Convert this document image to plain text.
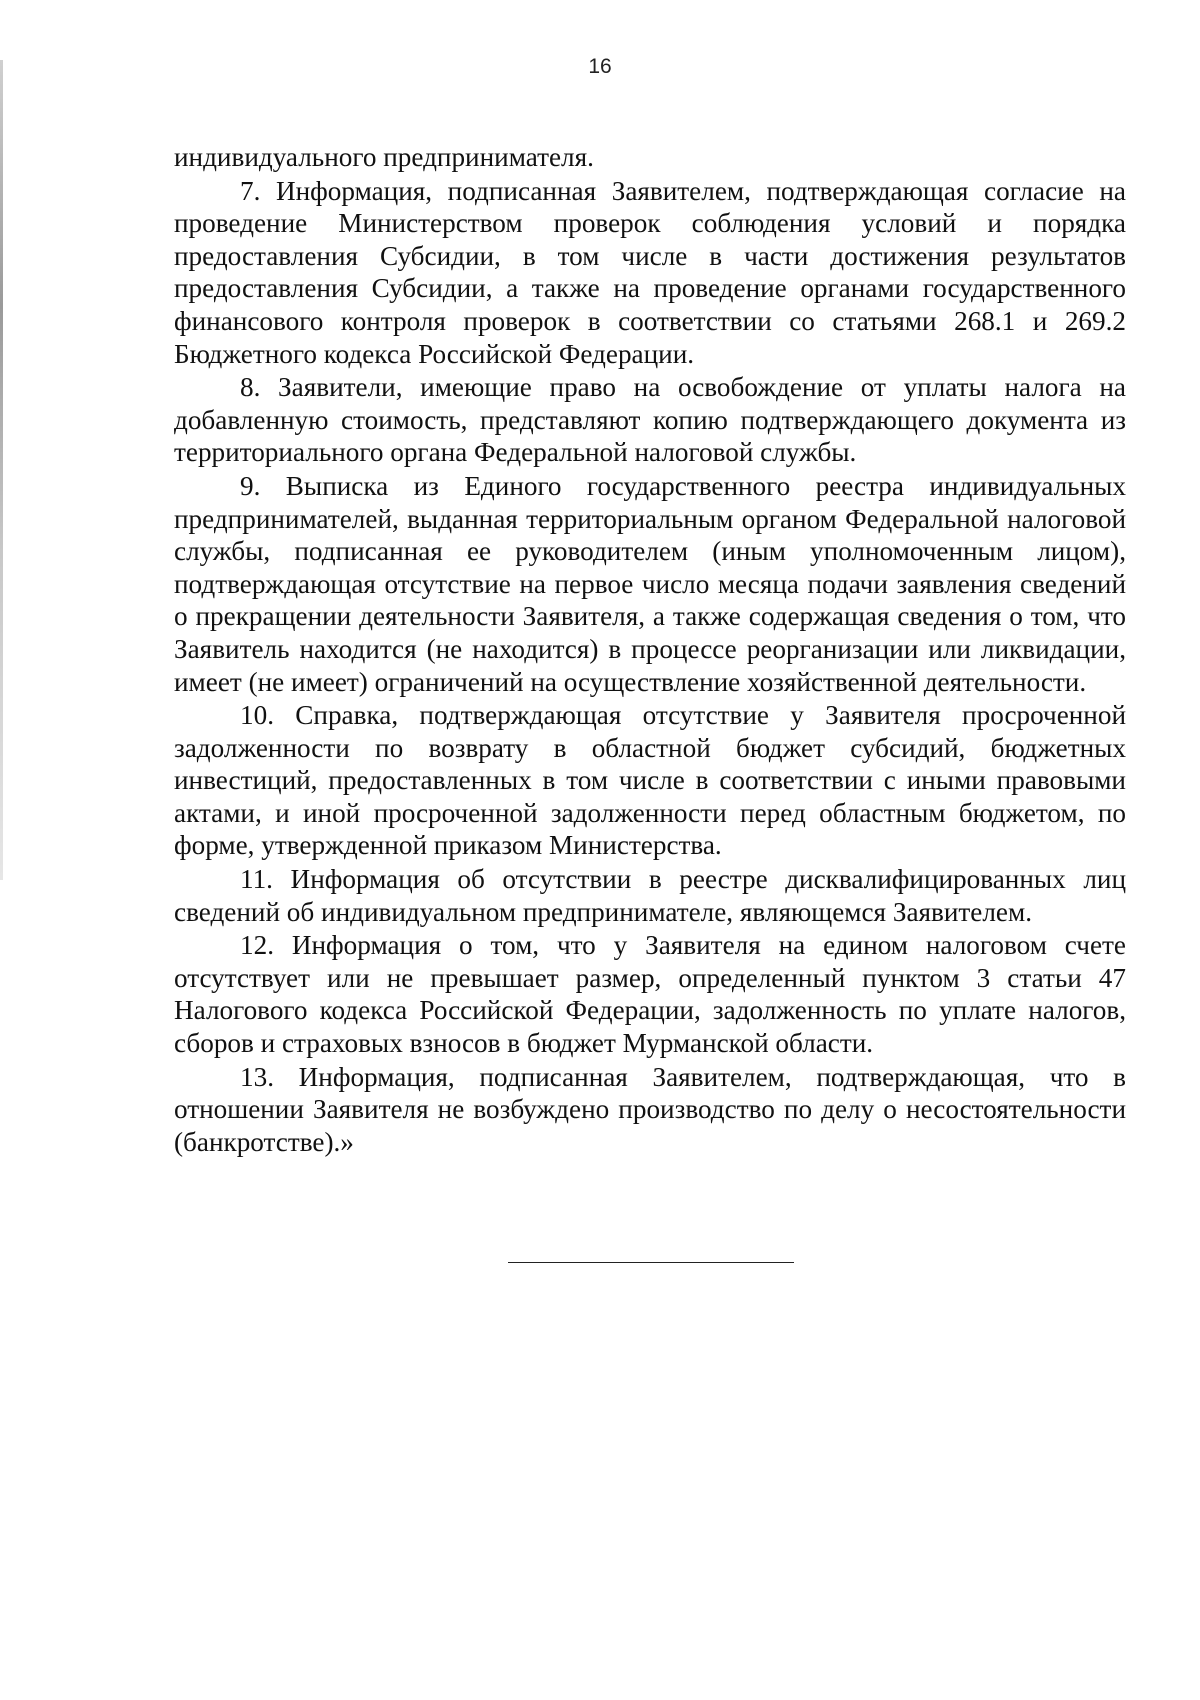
16

индивидуального предпринимателя.

7. Информация, подписанная Заявителем, подтверждающая согласие на проведение Министерством проверок соблюдения условий и порядка предоставления Субсидии, в том числе в части достижения результатов предоставления Субсидии, а также на проведение органами государственного финансового контроля проверок в соответствии со статьями 268.1 и 269.2 Бюджетного кодекса Российской Федерации.

8. Заявители, имеющие право на освобождение от уплаты налога на добавленную стоимость, представляют копию подтверждающего документа из территориального органа Федеральной налоговой службы.

9. Выписка из Единого государственного реестра индивидуальных предпринимателей, выданная территориальным органом Федеральной налоговой службы, подписанная ее руководителем (иным уполномоченным лицом), подтверждающая отсутствие на первое число месяца подачи заявления сведений о прекращении деятельности Заявителя, а также содержащая сведения о том, что Заявитель находится (не находится) в процессе реорганизации или ликвидации, имеет (не имеет) ограничений на осуществление хозяйственной деятельности.

10. Справка, подтверждающая отсутствие у Заявителя просроченной задолженности по возврату в областной бюджет субсидий, бюджетных инвестиций, предоставленных в том числе в соответствии с иными правовыми актами, и иной просроченной задолженности перед областным бюджетом, по форме, утвержденной приказом Министерства.

11. Информация об отсутствии в реестре дисквалифицированных лиц сведений об индивидуальном предпринимателе, являющемся Заявителем.

12. Информация о том, что у Заявителя на едином налоговом счете отсутствует или не превышает размер, определенный пунктом 3 статьи 47 Налогового кодекса Российской Федерации, задолженность по уплате налогов, сборов и страховых взносов в бюджет Мурманской области.

13. Информация, подписанная Заявителем, подтверждающая, что в отношении Заявителя не возбуждено производство по делу о несостоятельности (банкротстве).»
